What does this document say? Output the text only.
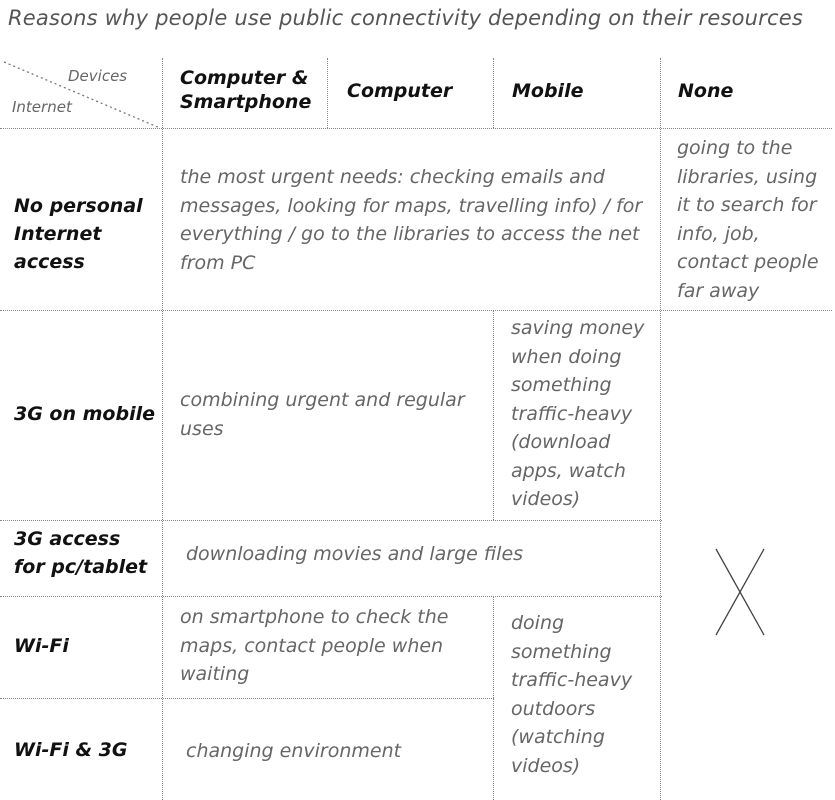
Reasons why people use public connectivity depending on their resources
Devices
Internet
Computer & Smartphone Computer	Mobile	None
No personal Internet access
3G on mobile
3G access for pc/tablet
Wi-Fi
Wi-Fi & 3G
the most urgent needs: checking emails and messages, looking for maps, travelling info) / for everything / go to the libraries to access the net from PC
going to the libraries, using it to search for info, job, contact people far away
combining urgent and regular uses
saving money when doing something traffic-heavy (download apps, watch videos)
downloading movies and large files
on smartphone to check the maps, contact people when waiting
doing something traffic-heavy outdoors (watching videos)
changing environment
